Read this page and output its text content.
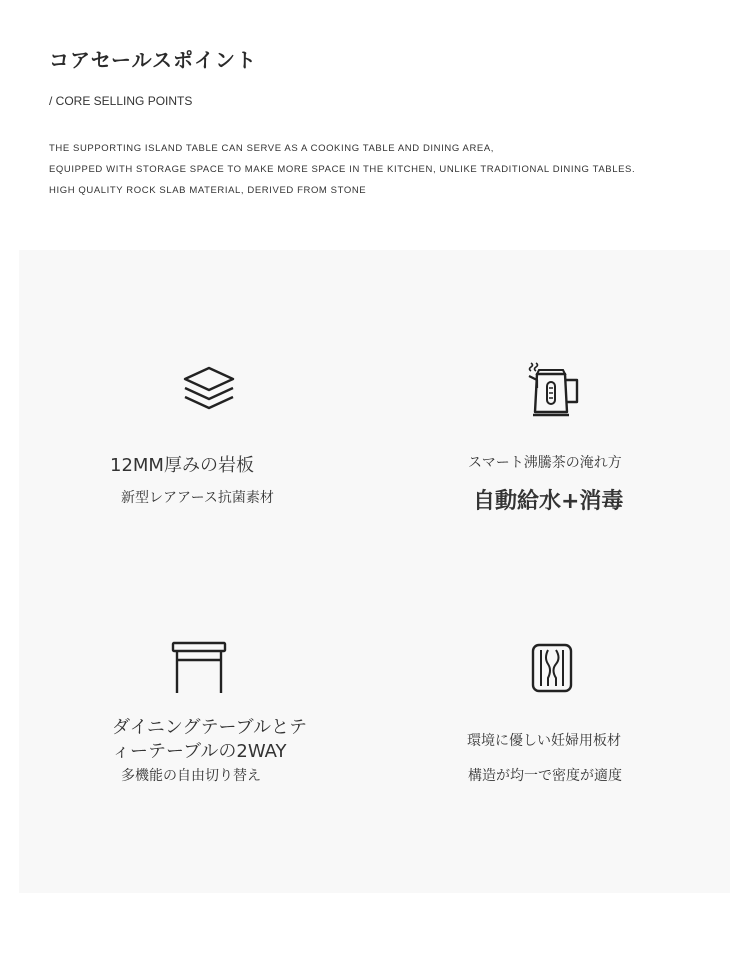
コアセールスポイント
/ CORE SELLING POINTS
THE SUPPORTING ISLAND TABLE CAN SERVE AS A COOKING TABLE AND DINING AREA,
EQUIPPED WITH STORAGE SPACE TO MAKE MORE SPACE IN THE KITCHEN, UNLIKE TRADITIONAL DINING TABLES.
HIGH QUALITY ROCK SLAB MATERIAL, DERIVED FROM STONE
12MM厚みの岩板
新型レアアース抗菌素材
スマート沸騰茶の淹れ方
自動給水+消毒
ダイニングテーブルとテ
ィーテーブルの2WAY
多機能の自由切り替え
環境に優しい妊婦用板材
構造が均一で密度が適度
